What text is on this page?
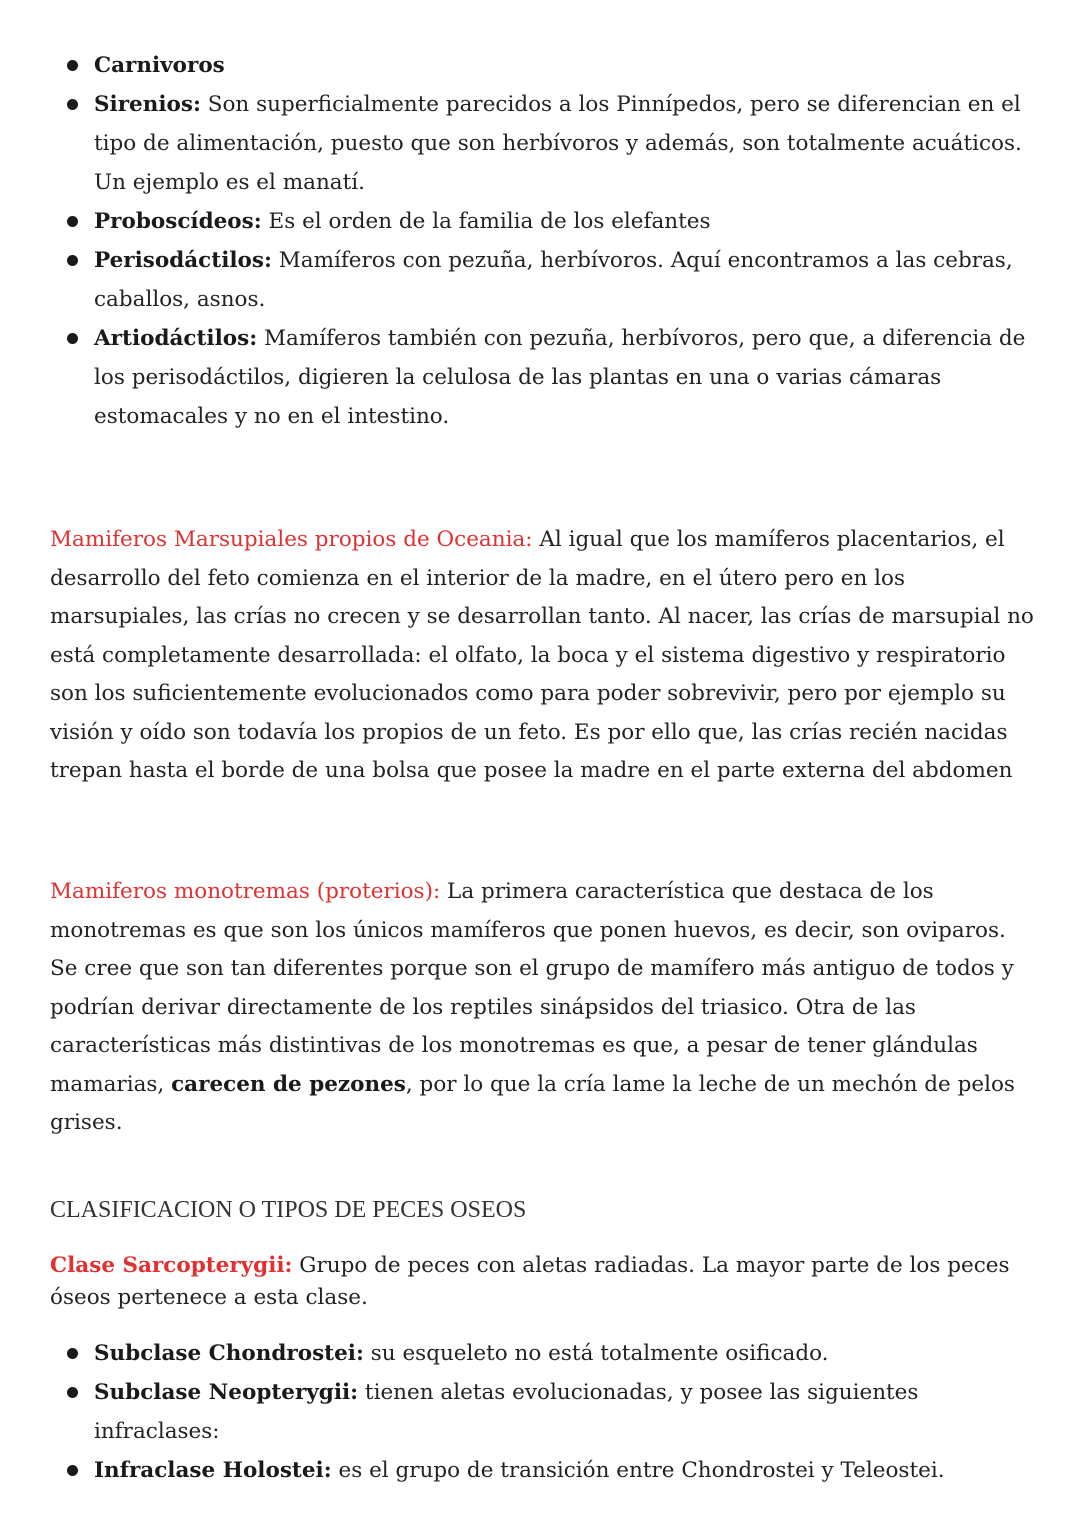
Carnivoros
Sirenios: Son superficialmente parecidos a los Pinnípedos, pero se diferencian en el tipo de alimentación, puesto que son herbívoros y además, son totalmente acuáticos. Un ejemplo es el manatí.
Proboscídeos: Es el orden de la familia de los elefantes
Perisodáctilos: Mamíferos con pezuña, herbívoros. Aquí encontramos a las cebras, caballos, asnos.
Artiodáctilos: Mamíferos también con pezuña, herbívoros, pero que, a diferencia de los perisodáctilos, digieren la celulosa de las plantas en una o varias cámaras estomacales y no en el intestino.

Mamiferos Marsupiales propios de Oceania: Al igual que los mamíferos placentarios, el desarrollo del feto comienza en el interior de la madre, en el útero pero en los marsupiales, las crías no crecen y se desarrollan tanto. Al nacer, las crías de marsupial no está completamente desarrollada: el olfato, la boca y el sistema digestivo y respiratorio son los suficientemente evolucionados como para poder sobrevivir, pero por ejemplo su visión y oído son todavía los propios de un feto. Es por ello que, las crías recién nacidas trepan hasta el borde de una bolsa que posee la madre en el parte externa del abdomen

Mamiferos monotremas (proterios): La primera característica que destaca de los monotremas es que son los únicos mamíferos que ponen huevos, es decir, son oviparos. Se cree que son tan diferentes porque son el grupo de mamífero más antiguo de todos y podrían derivar directamente de los reptiles sinápsidos del triasico. Otra de las características más distintivas de los monotremas es que, a pesar de tener glándulas mamarias, carecen de pezones, por lo que la cría lame la leche de un mechón de pelos grises.

CLASIFICACION O TIPOS DE PECES OSEOS

Clase Sarcopterygii: Grupo de peces con aletas radiadas. La mayor parte de los peces óseos pertenece a esta clase.

Subclase Chondrostei: su esqueleto no está totalmente osificado.
Subclase Neopterygii: tienen aletas evolucionadas, y posee las siguientes infraclases:
Infraclase Holostei: es el grupo de transición entre Chondrostei y Teleostei.
